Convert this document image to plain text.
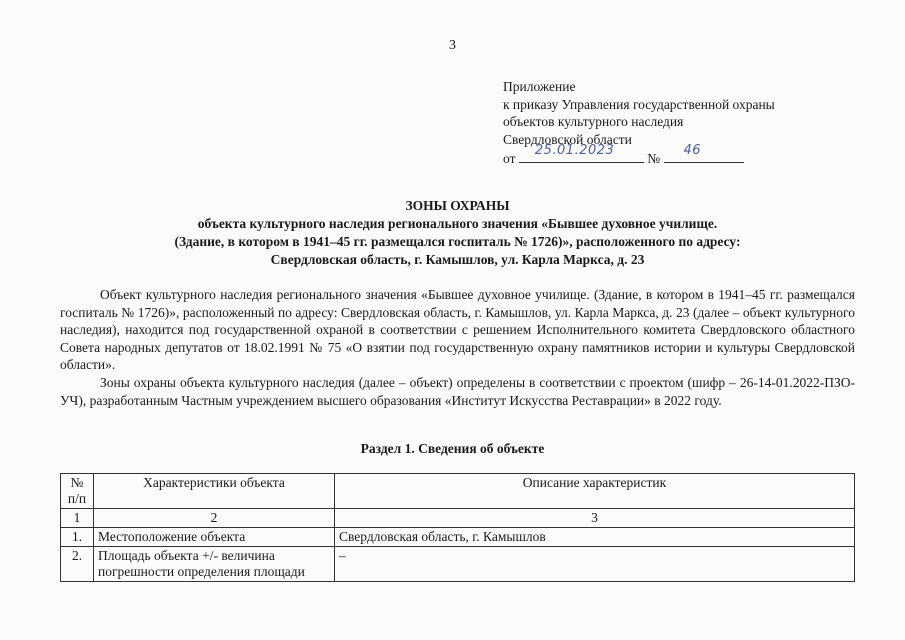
3
Приложение
к приказу Управления государственной охраны
объектов культурного наследия
Свердловской области
от
25.01.2023
№
46
ЗОНЫ ОХРАНЫ
объекта культурного наследия регионального значения «Бывшее духовное училище.
(Здание, в котором в 1941–45 гг. размещался госпиталь № 1726)», расположенного по адресу:
Свердловская область, г. Камышлов, ул. Карла Маркса, д. 23

Объект культурного наследия регионального значения «Бывшее духовное училище. (Здание, в котором в 1941–45 гг. размещался госпиталь № 1726)», расположенный по адресу: Свердловская область, г. Камышлов, ул. Карла Маркса, д. 23 (далее – объект культурного наследия), находится под государственной охраной в соответствии с решением Исполнительного комитета Свердловского областного Совета народных депутатов от 18.02.1991 № 75 «О взятии под государственную охрану памятников истории и культуры Свердловской области».

Зоны охраны объекта культурного наследия (далее – объект) определены в соответствии с проектом (шифр – 26-14-01.2022-ПЗО-УЧ), разработанным Частным учреждением высшего образования «Институт Искусства Реставрации» в 2022 году.

Раздел 1. Сведения об объекте
№ п/п	Характеристики объекта	Описание характеристик
1	2	3
1.	Местоположение объекта	Свердловская область, г. Камышлов
2.	Площадь объекта +/- величина погрешности определения площади	–
